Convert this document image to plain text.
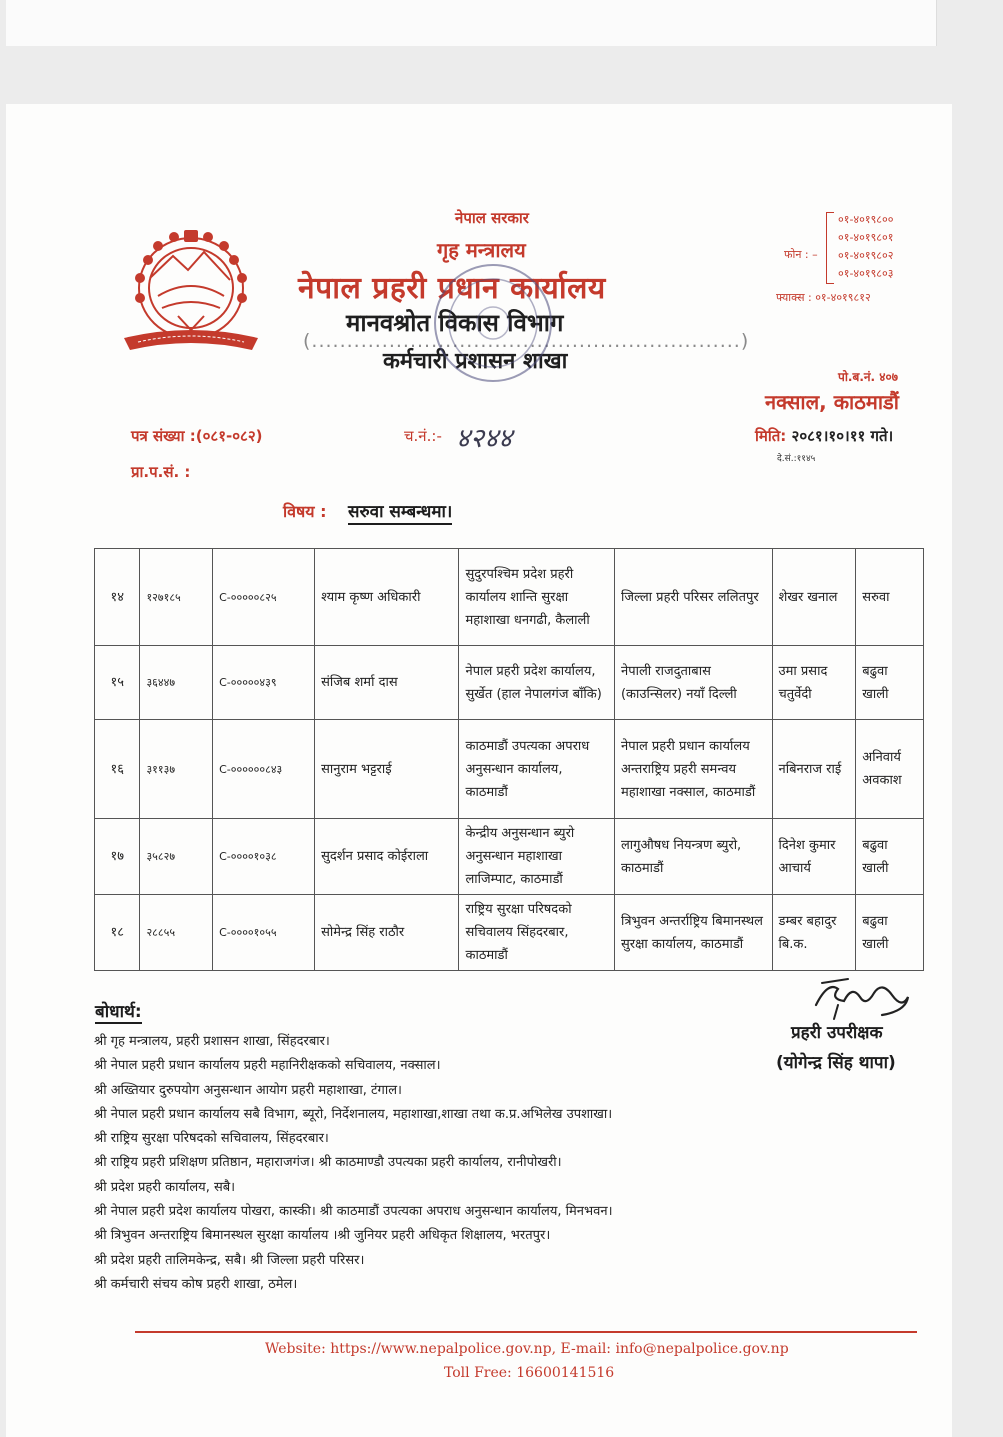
नेपाल सरकार
गृह मन्त्रालय
नेपाल प्रहरी प्रधान कार्यालय
मानवश्रोत विकास विभाग
(.............................................................)
कर्मचारी प्रशासन शाखा
फोन : –
०१-४०१९८००
०१-४०१९८०१
०१-४०१९८०२
०१-४०१९८०३
फ्याक्स : ०१-४०१९८१२
पो.ब.नं. ४०७
नक्साल, काठमाडौं
पत्र संख्या :(०८१-०८२)	च.नं.:- ४२४४	मिति: २०८१।१०।११ गते।
दे.सं.:११४५
प्रा.प.सं. :
विषय : सरुवा सम्बन्धमा।
१४	१२७१८५	C-०००००८२५	श्याम कृष्ण अधिकारी	सुदुरपश्चिम प्रदेश प्रहरी कार्यालय शान्ति सुरक्षा महाशाखा धनगढी, कैलाली	जिल्ला प्रहरी परिसर ललितपुर	शेखर खनाल	सरुवा
१५	३६४४७	C-०००००४३९	संजिब शर्मा दास	नेपाल प्रहरी प्रदेश कार्यालय, सुर्खेत (हाल नेपालगंज बाँकि)	नेपाली राजदुताबास (काउन्सिलर) नयाँ दिल्ली	उमा प्रसाद चतुर्वेदी	बढुवा खाली
१६	३११३७	C-००००००८४३	सानुराम भट्टराई	काठमाडौं उपत्यका अपराध अनुसन्धान कार्यालय, काठमाडौं	नेपाल प्रहरी प्रधान कार्यालय अन्तराष्ट्रिय प्रहरी समन्वय महाशाखा नक्साल, काठमाडौं	नबिनराज राई	अनिवार्य अवकाश
१७	३५८२७	C-००००१०३८	सुदर्शन प्रसाद कोईराला	केन्द्रीय अनुसन्धान ब्युरो अनुसन्धान महाशाखा लाजिम्पाट, काठमाडौं	लागुऔषध नियन्त्रण ब्युरो, काठमाडौं	दिनेश कुमार आचार्य	बढुवा खाली
१८	२८८५५	C-००००१०५५	सोमेन्द्र सिंह राठौर	राष्ट्रिय सुरक्षा परिषदको सचिवालय सिंहदरबार, काठमाडौं	त्रिभुवन अन्तर्राष्ट्रिय बिमानस्थल सुरक्षा कार्यालय, काठमाडौं	डम्बर बहादुर बि.क.	बढुवा खाली
बोधार्थ:
श्री गृह मन्त्रालय, प्रहरी प्रशासन शाखा, सिंहदरबार।
श्री नेपाल प्रहरी प्रधान कार्यालय प्रहरी महानिरीक्षकको सचिवालय, नक्साल।
श्री अख्तियार दुरुपयोग अनुसन्धान आयोग प्रहरी महाशाखा, टंगाल।
श्री नेपाल प्रहरी प्रधान कार्यालय सबै विभाग, ब्यूरो, निर्देशनालय, महाशाखा,शाखा तथा क.प्र.अभिलेख उपशाखा।
श्री राष्ट्रिय सुरक्षा परिषदको सचिवालय, सिंहदरबार।
श्री राष्ट्रिय प्रहरी प्रशिक्षण प्रतिष्ठान, महाराजगंज। श्री काठमाण्डौ उपत्यका प्रहरी कार्यालय, रानीपोखरी।
श्री प्रदेश प्रहरी कार्यालय, सबै।
श्री नेपाल प्रहरी प्रदेश कार्यालय पोखरा, कास्की। श्री काठमाडौं उपत्यका अपराध अनुसन्धान कार्यालय, मिनभवन।
श्री त्रिभुवन अन्तराष्ट्रिय बिमानस्थल सुरक्षा कार्यालय ।श्री जुनियर प्रहरी अधिकृत शिक्षालय, भरतपुर।
श्री प्रदेश प्रहरी तालिमकेन्द्र, सबै। श्री जिल्ला प्रहरी परिसर।
श्री कर्मचारी संचय कोष प्रहरी शाखा, ठमेल।
प्रहरी उपरीक्षक
(योगेन्द्र सिंह थापा)
Website: https://www.nepalpolice.gov.np, E-mail: info@nepalpolice.gov.np
Toll Free: 16600141516
